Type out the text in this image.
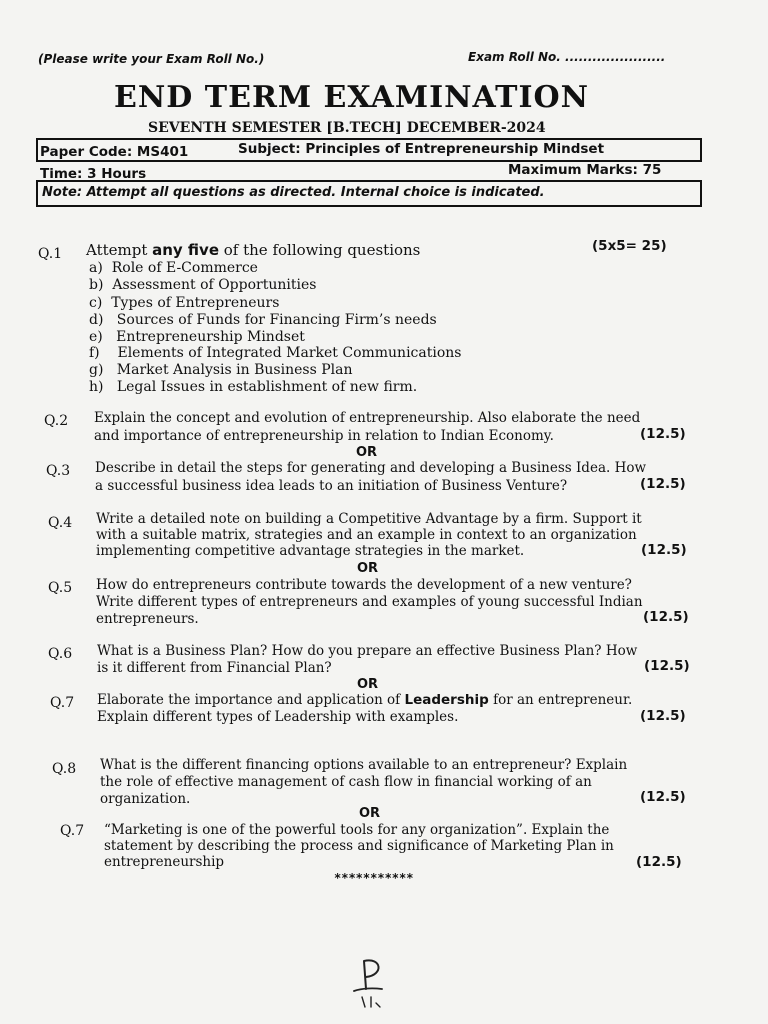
(Please write your Exam Roll No.)	Exam Roll No. ......................
END TERM EXAMINATION
SEVENTH SEMESTER [B.TECH] DECEMBER-2024
Paper Code: MS401	Subject: Principles of Entrepreneurship Mindset
Time: 3 Hours	Maximum Marks: 75
Note: Attempt all questions as directed. Internal choice is indicated.
Q.1 Attempt any five of the following questions	(5x5= 25)
a) Role of E-Commerce
b) Assessment of Opportunities
c) Types of Entrepreneurs
d) Sources of Funds for Financing Firm’s needs
e) Entrepreneurship Mindset
f) Elements of Integrated Market Communications
g) Market Analysis in Business Plan
h) Legal Issues in establishment of new firm.
Q.2 Explain the concept and evolution of entrepreneurship. Also elaborate the need
and importance of entrepreneurship in relation to Indian Economy.	(12.5)
OR
Q.3 Describe in detail the steps for generating and developing a Business Idea. How
a successful business idea leads to an initiation of Business Venture?	(12.5)
Q.4 Write a detailed note on building a Competitive Advantage by a firm. Support it
with a suitable matrix, strategies and an example in context to an organization
implementing competitive advantage strategies in the market.	(12.5)
OR
Q.5 How do entrepreneurs contribute towards the development of a new venture?
Write different types of entrepreneurs and examples of young successful Indian
entrepreneurs.	(12.5)
Q.6 What is a Business Plan? How do you prepare an effective Business Plan? How
is it different from Financial Plan?	(12.5)
OR
Q.7 Elaborate the importance and application of Leadership for an entrepreneur.
Explain different types of Leadership with examples.	(12.5)
Q.8 What is the different financing options available to an entrepreneur? Explain
the role of effective management of cash flow in financial working of an
organization.	(12.5)
OR
Q.7 “Marketing is one of the powerful tools for any organization”. Explain the
statement by describing the process and significance of Marketing Plan in
entrepreneurship	(12.5)
***********
